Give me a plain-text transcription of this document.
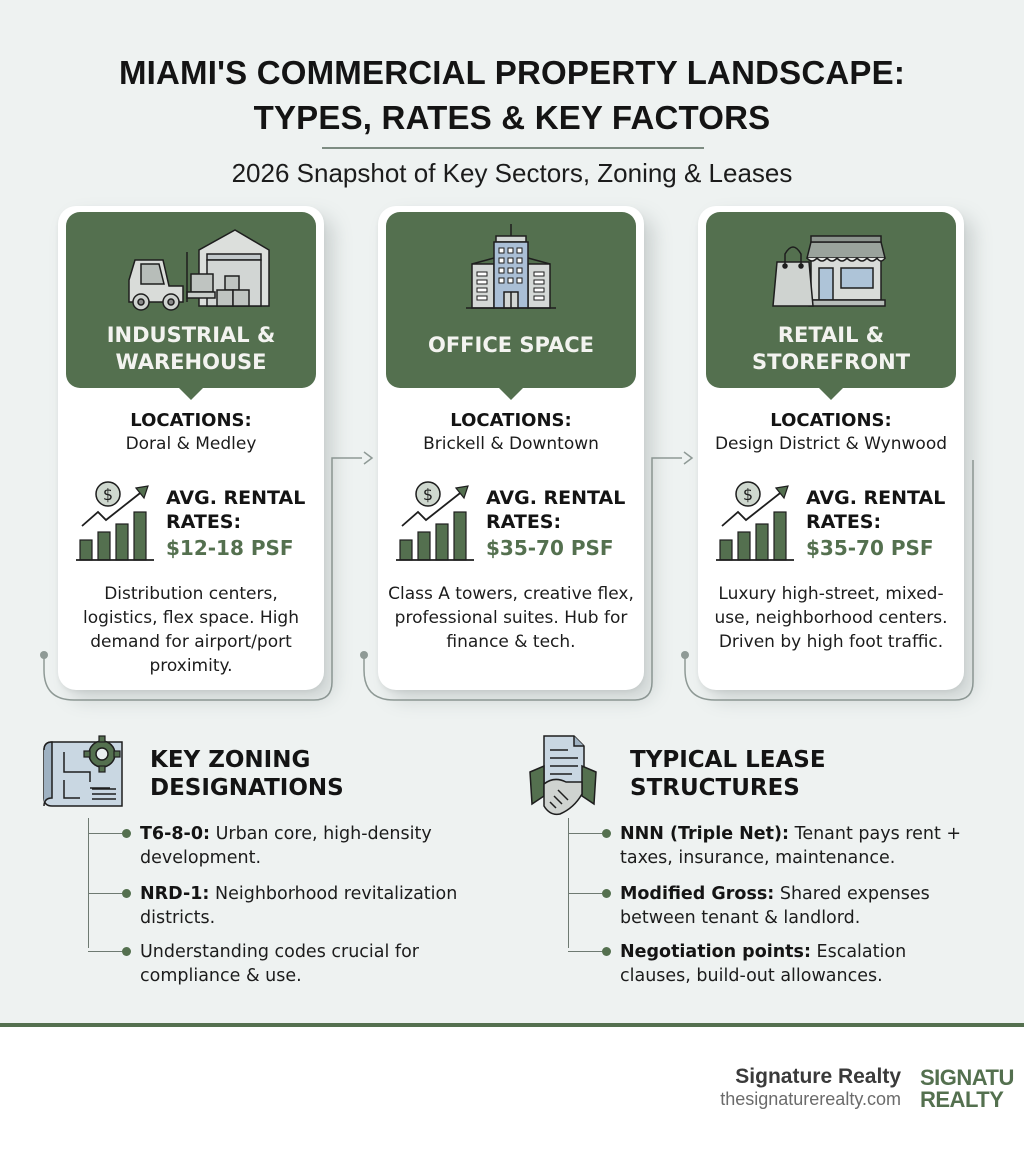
MIAMI'S COMMERCIAL PROPERTY LANDSCAPE:
TYPES, RATES & KEY FACTORS
2026 Snapshot of Key Sectors, Zoning & Leases
INDUSTRIAL &
WAREHOUSE
LOCATIONS:
Doral & Medley
$	AVG. RENTAL
RATES:
$12-18 PSF
Distribution centers, logistics, flex space. High demand for airport/port proximity.
OFFICE SPACE
LOCATIONS:
Brickell & Downtown
$	AVG. RENTAL
RATES:
$35-70 PSF
Class A towers, creative flex, professional suites. Hub for finance & tech.
RETAIL &
STOREFRONT
LOCATIONS:
Design District & Wynwood
$	AVG. RENTAL
RATES:
$35-70 PSF
Luxury high-street, mixed-use, neighborhood centers. Driven by high foot traffic.
KEY ZONING
DESIGNATIONS
T6-8-0: Urban core, high-density development.
NRD-1: Neighborhood revitalization districts.
Understanding codes crucial for compliance & use.
TYPICAL LEASE
STRUCTURES
NNN (Triple Net): Tenant pays rent + taxes, insurance, maintenance.
Modified Gross: Shared expenses between tenant & landlord.
Negotiation points: Escalation clauses, build-out allowances.
Signature Realty
thesignaturerealty.com
SIGNATU
REALTY
